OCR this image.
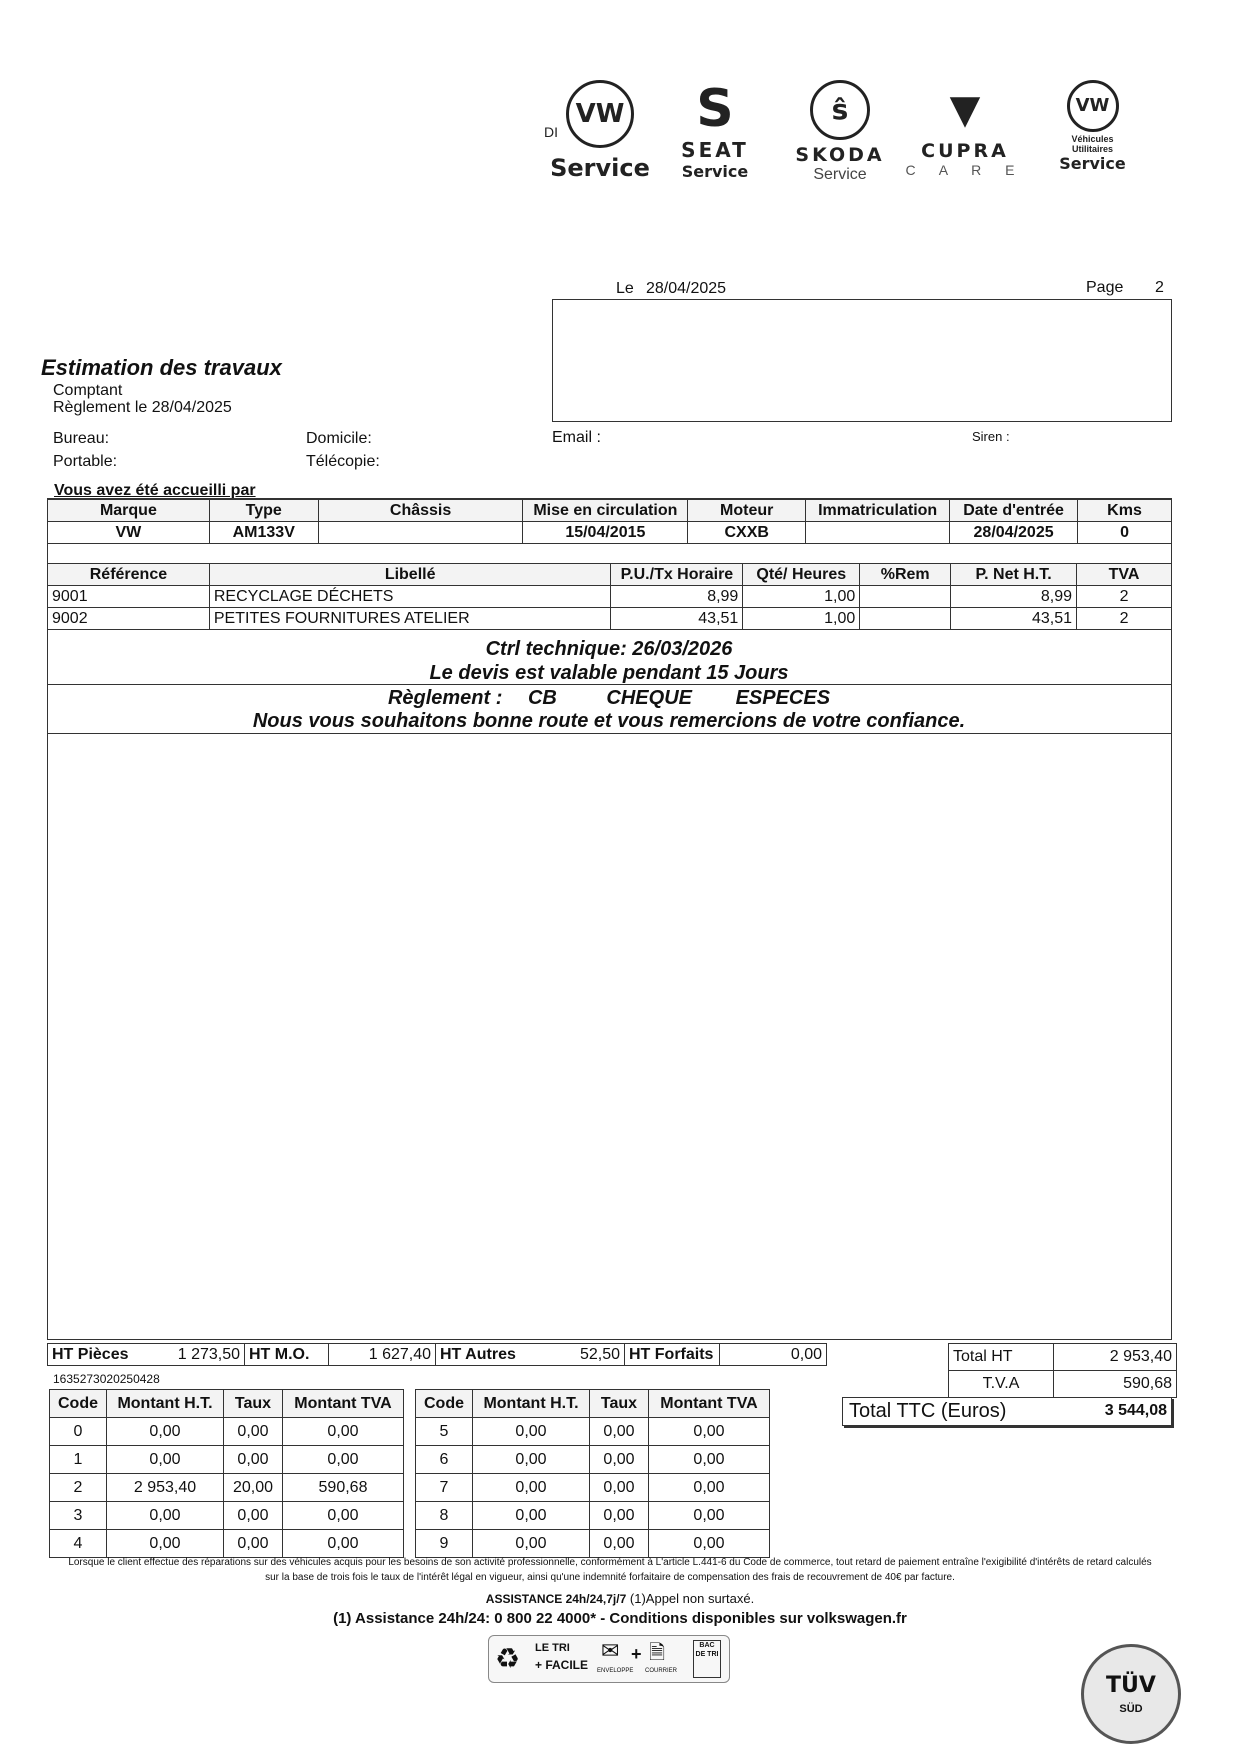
DI
VW
Service
S
SEAT
Service
ŝ
SKODA
Service
▼
CUPRA
C A R E
VW
Véhicules Utilitaires
Service
Le 28/04/2025	Page 2
Email :	Siren :
Estimation des travaux
Comptant
Règlement le 28/04/2025
Bureau:	Domicile:
Portable:	Télécopie:
Vous avez été accueilli par
Marque	Type	Châssis	Mise en circulation	Moteur	Immatriculation	Date d'entrée	Kms
VW	AM133V		15/04/2015	CXXB		28/04/2025	0
Référence	Libellé	P.U./Tx Horaire	Qté/ Heures	%Rem	P. Net H.T.	TVA
9001	RECYCLAGE DÉCHETS	8,99	1,00		8,99	2
9002	PETITES FOURNITURES ATELIER	43,51	1,00		43,51	2
Ctrl technique: 26/03/2026
Le devis est valable pendant 15 Jours
Règlement : CB CHEQUE ESPECES
Nous vous souhaitons bonne route et vous remercions de votre confiance.
HT Pièces	1 273,50	HT M.O.	1 627,40	HT Autres	52,50	HT Forfaits	0,00
1635273020250428
Code	Montant H.T.	Taux	Montant TVA
0	0,00	0,00	0,00
1	0,00	0,00	0,00
2	2 953,40	20,00	590,68
3	0,00	0,00	0,00
4	0,00	0,00	0,00
Code	Montant H.T.	Taux	Montant TVA
5	0,00	0,00	0,00
6	0,00	0,00	0,00
7	0,00	0,00	0,00
8	0,00	0,00	0,00
9	0,00	0,00	0,00
Total HT	2 953,40
T.V.A	590,68
Total TTC (Euros)	3 544,08
Lorsque le client effectue des réparations sur des véhicules acquis pour les besoins de son activité professionnelle, conformément à L'article L.441-6 du Code de commerce, tout retard de paiement entraîne l'exigibilité d'intérêts de retard calculés sur la base de trois fois le taux de l'intérêt légal en vigueur, ainsi qu'une indemnité forfaitaire de compensation des frais de recouvrement de 40€ par facture.
ASSISTANCE 24h/24,7j/7 (1)Appel non surtaxé.
(1) Assistance 24h/24: 0 800 22 4000* - Conditions disponibles sur volkswagen.fr
♻ LE TRI
+ FACILE
✉
ENVELOPPE
+ 🗎
COURRIER
BAC DE TRI
TÜV
SÜD
